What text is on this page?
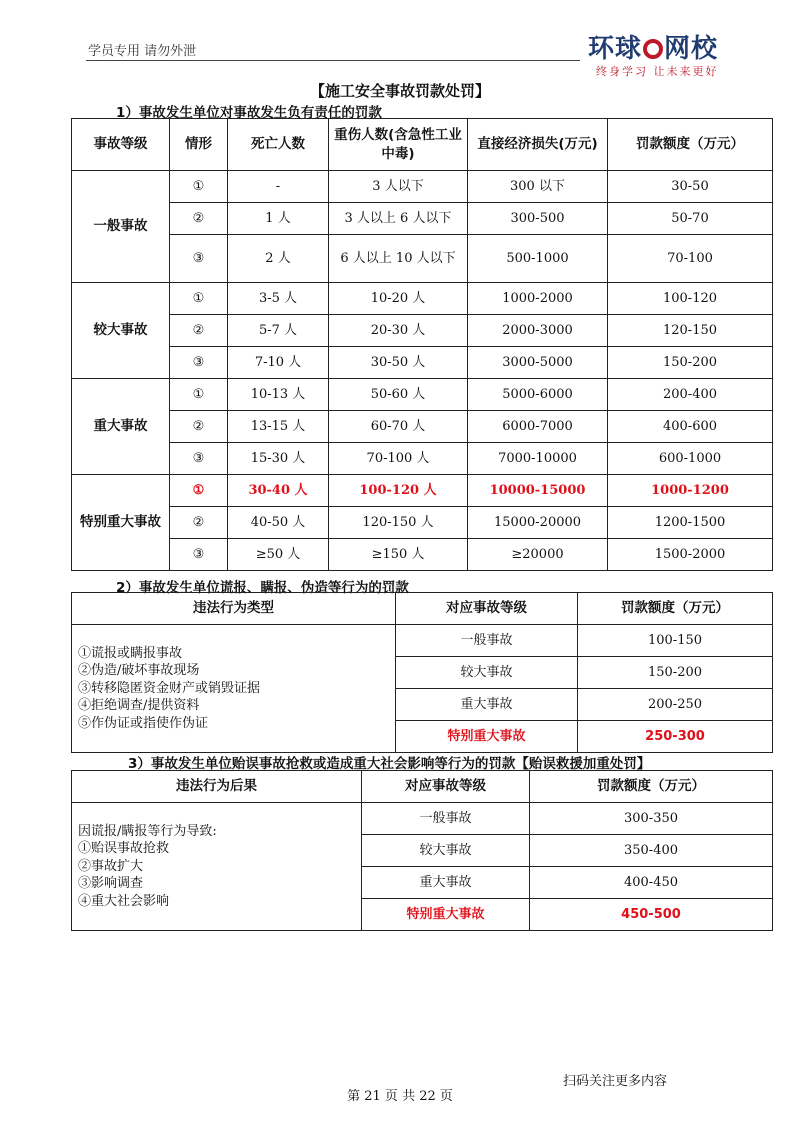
学员专用 请勿外泄	环球 网校
终身学习 让未来更好
【施工安全事故罚款处罚】
1）事故发生单位对事故发生负有责任的罚款
事故等级	情形	死亡人数	重伤人数(含急性工业中毒)	直接经济损失(万元)	罚款额度（万元）
一般事故	①	-	3 人以下	300 以下	30-50
	②	1 人	3 人以上 6 人以下	300-500	50-70
	③	2 人	6 人以上 10 人以下	500-1000	70-100
较大事故	①	3-5 人	10-20 人	1000-2000	100-120
	②	5-7 人	20-30 人	2000-3000	120-150
	③	7-10 人	30-50 人	3000-5000	150-200
重大事故	①	10-13 人	50-60 人	5000-6000	200-400
	②	13-15 人	60-70 人	6000-7000	400-600
	③	15-30 人	70-100 人	7000-10000	600-1000
特别重大事故	①	30-40 人	100-120 人	10000-15000	1000-1200
	②	40-50 人	120-150 人	15000-20000	1200-1500
	③	≥50 人	≥150 人	≥20000	1500-2000
2）事故发生单位谎报、瞒报、伪造等行为的罚款
违法行为类型	对应事故等级	罚款额度（万元）

①谎报或瞒报事故
②伪造/破坏事故现场
③转移隐匿资金财产或销毁证据
④拒绝调查/提供资料
⑤作伪证或指使作伪证	一般事故	100-150
	较大事故	150-200
	重大事故	200-250
	特别重大事故	250-300
3）事故发生单位贻误事故抢救或造成重大社会影响等行为的罚款【贻误救援加重处罚】
违法行为后果	对应事故等级	罚款额度（万元）

因谎报/瞒报等行为导致:
①贻误事故抢救
②事故扩大
③影响调查
④重大社会影响	一般事故	300-350
	较大事故	350-400
	重大事故	400-450
	特别重大事故	450-500
扫码关注更多内容
第 21 页 共 22 页
